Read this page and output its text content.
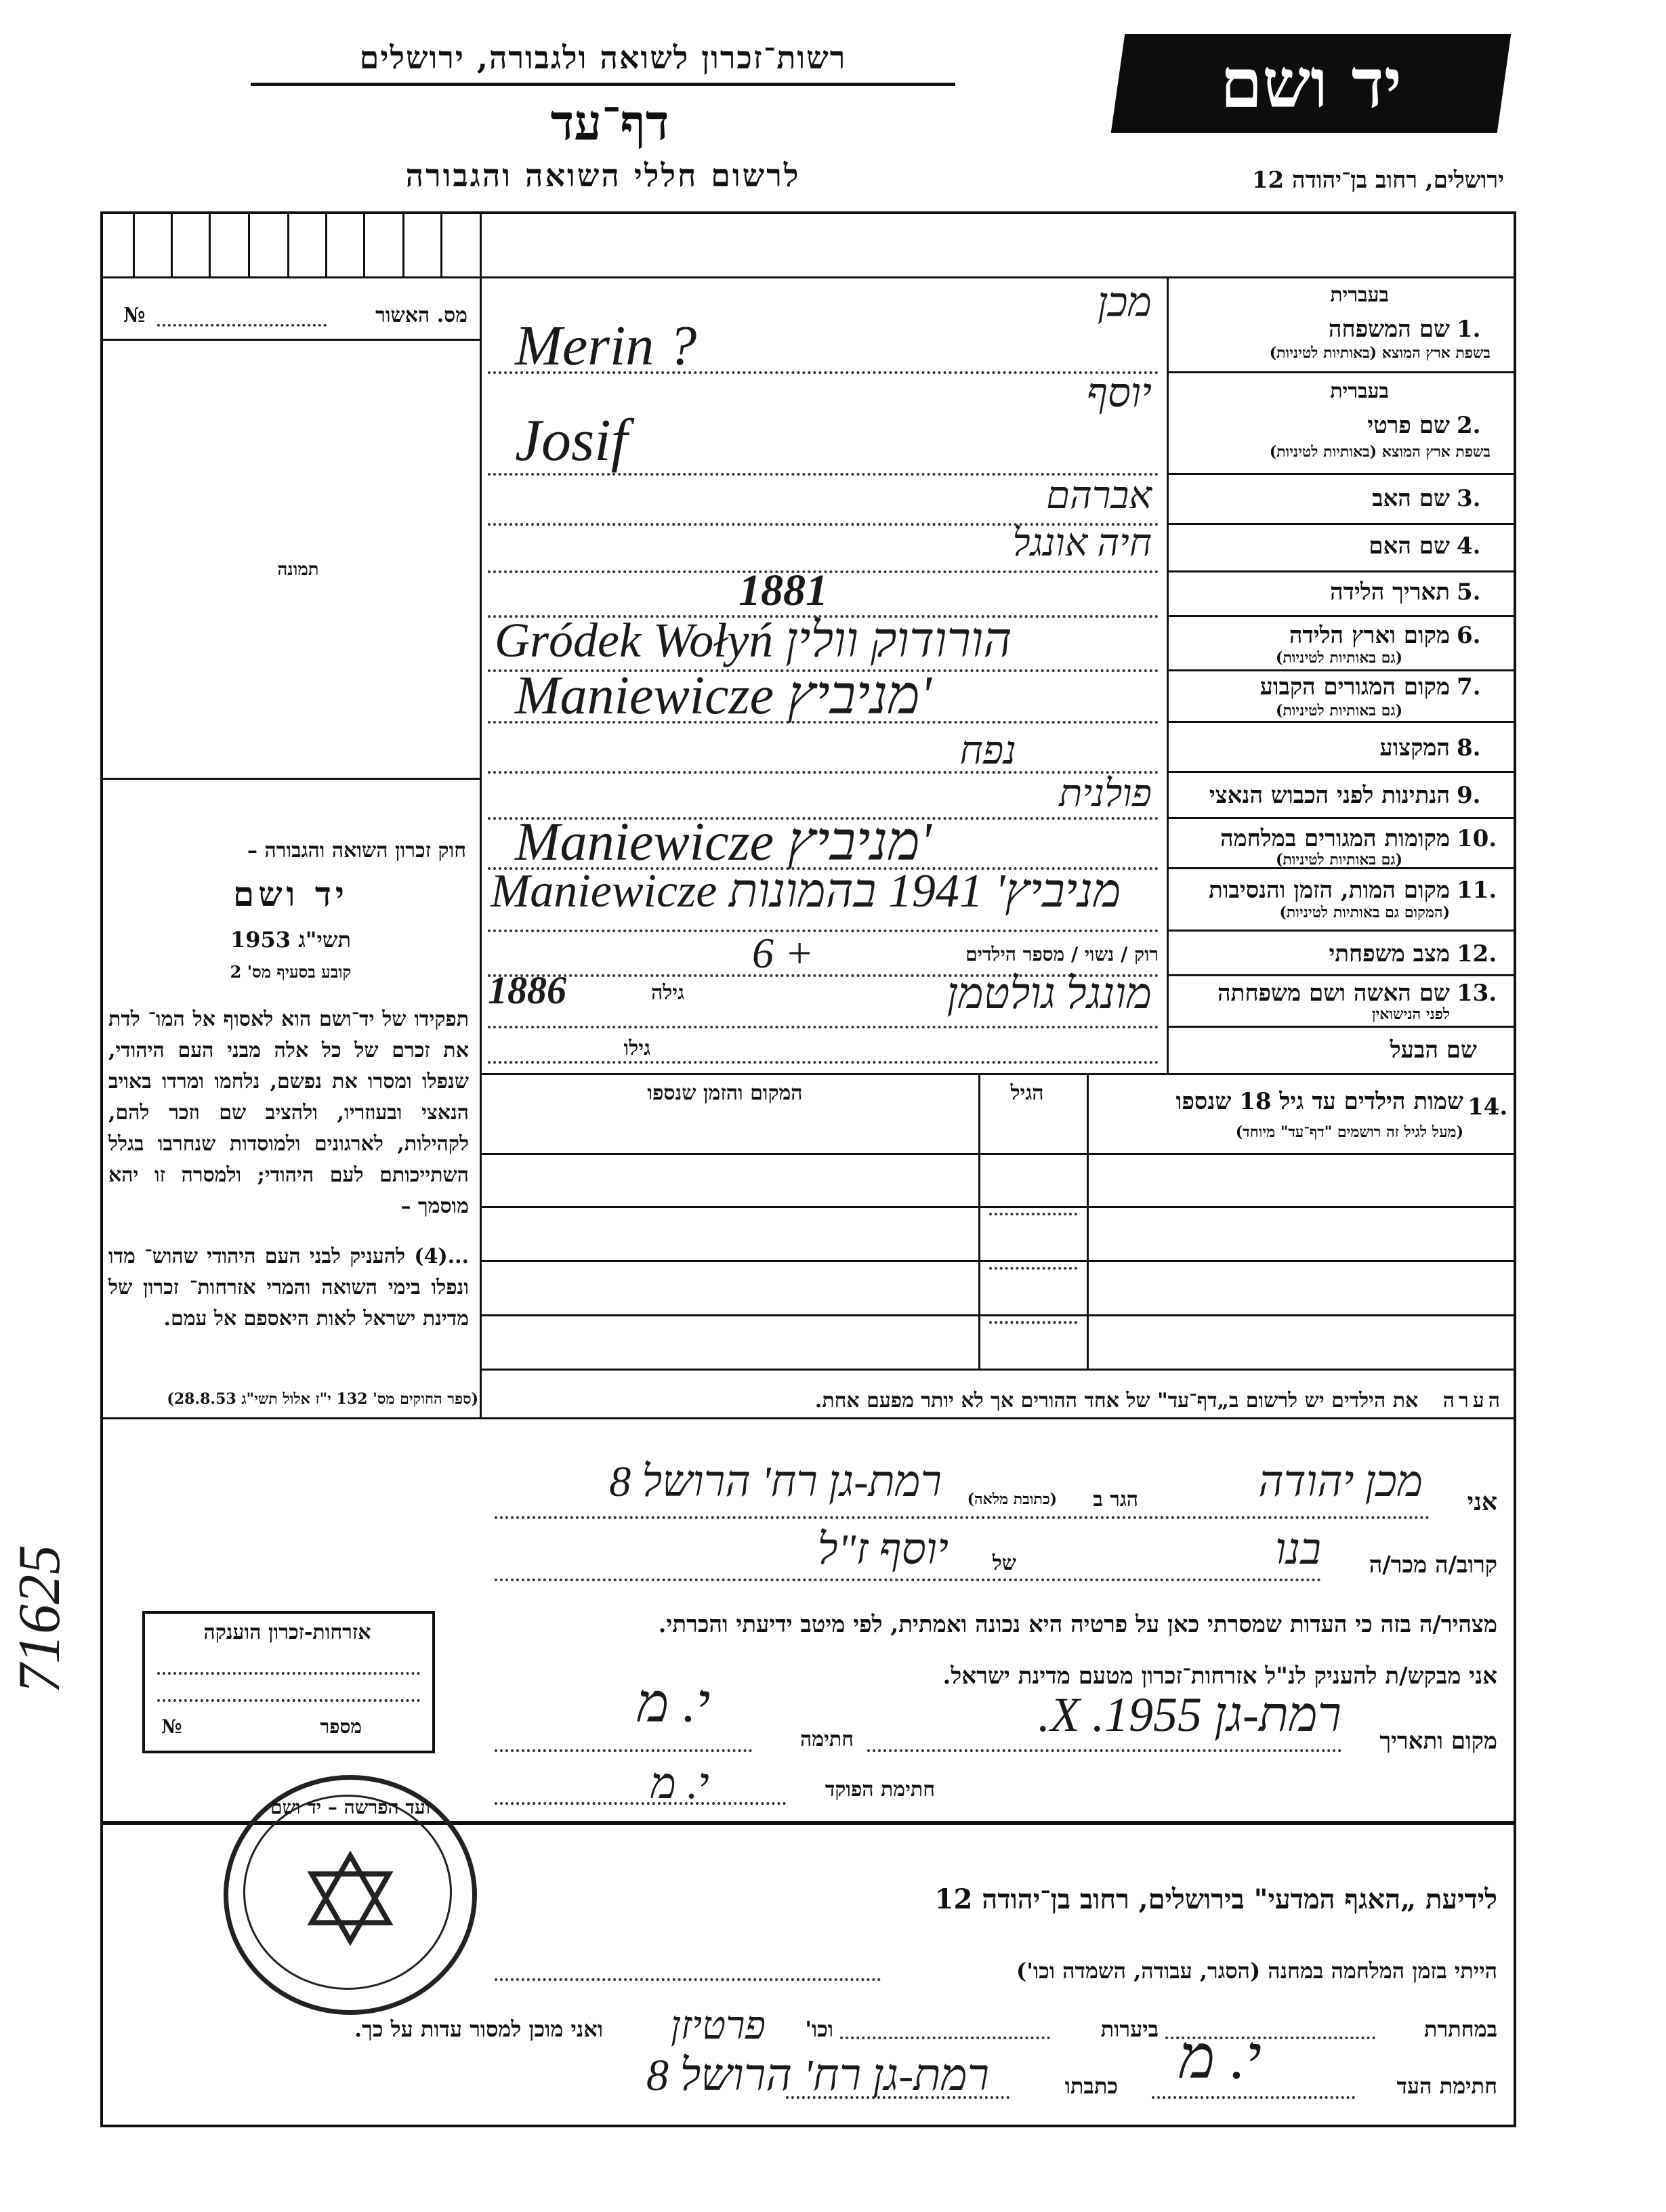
רשות־זכרון לשואה ולגבורה, ירושלים
דף־עד
לרשום חללי השואה והגבורה
יד ושם
ירושלים, רחוב בן־יהודה 12
№	מס. האשור
תמונה
חוק זכרון השואה והגבורה –
יד ושם
תשי"ג 1953
קובע בסעיף מס' 2
תפקידו של יד־ושם הוא לאסוף אל המו־ לדת את זכרם של כל אלה מבני העם היהודי, שנפלו ומסרו את נפשם, נלחמו ומרדו באויב הנאצי ובעוזריו, ולהציב שם וזכר להם, לקהילות, לארגונים ולמוסדות שנחרבו בגלל השתייכותם לעם היהודי; ולמסרה זו יהא מוסמך –
...(4) להעניק לבני העם היהודי שהוש־ מדו ונפלו בימי השואה והמרי אזרחות־ זכרון של מדינת ישראל לאות היאספם אל עמם.
(ספר החוקים מס' 132 י"ז אלול תשי"ג 28.8.53)
בעברית
שם המשפחה 1.
בשפת ארץ המוצא (באותיות לטיניות)
מכן
Merin ?
בעברית
שם פרטי 2.
בשפת ארץ המוצא (באותיות לטיניות)
יוסף
Josif
שם האב 3.
אברהם
שם האם 4.
חיה אונגל
תאריך הלידה 5.
1881
מקום וארץ הלידה 6.
(גם באותיות לטיניות)
Gródek Wołyń הורודוק וולין
מקום המגורים הקבוע 7.
(גם באותיות לטיניות)
Maniewicze מניביץ'
המקצוע 8.
נפח
הנתינות לפני הכבוש הנאצי 9.
פולנית
מקומות המגורים במלחמה 10.
(גם באותיות לטיניות)
Maniewicze מניביץ'
מקום המות, הזמן והנסיבות 11.
(המקום גם באותיות לטיניות)
Maniewicze מניביץ' 1941 בהמונות
מצב משפחתי 12.
רוק / נשוי / מספר הילדים
6 +
שם האשה ושם משפחתה 13.
לפני הנישואין
מונגל גולטמן
גילה
1886
שם הבעל
גילו
14.
שמות הילדים עד גיל 18 שנספו
(מעל לגיל זה רושמים "דף־עד" מיוחד)
הגיל
המקום והזמן שנספו
הערה את הילדים יש לרשום ב„דף־עד" של אחד ההורים אך לא יותר מפעם אחת.
אני
מכן יהודה
הגר ב
(כתובת מלאה)
רמת-גן רח' הרושל 8
קרוב/ה מכר/ה
בנו
של
יוסף ז"ל
מצהיר/ה בזה כי העדות שמסרתי כאן על פרטיה היא נכונה ואמתית, לפי מיטב ידיעתי והכרתי.
אני מבקש/ת להעניק לנ"ל אזרחות־זכרון מטעם מדינת ישראל.
מקום ותאריך
רמת-גן 1955. X.
חתימה
י. מ
חתימת הפוקד
י. מ
אזרחות-זכרון הוענקה
№	מספר
71625
ועד הפרשה – יד ושם
לידיעת „האגף המדעי" בירושלים, רחוב בן־יהודה 12
הייתי בזמן המלחמה במחנה (הסגר, עבודה, השמדה וכו')
במחתרת
ביערות
וכו'
פרטיזן
ואני מוכן למסור עדות על כך.
חתימת העד
י. מ
כתבתו
רמת-גן רח' הרושל 8
